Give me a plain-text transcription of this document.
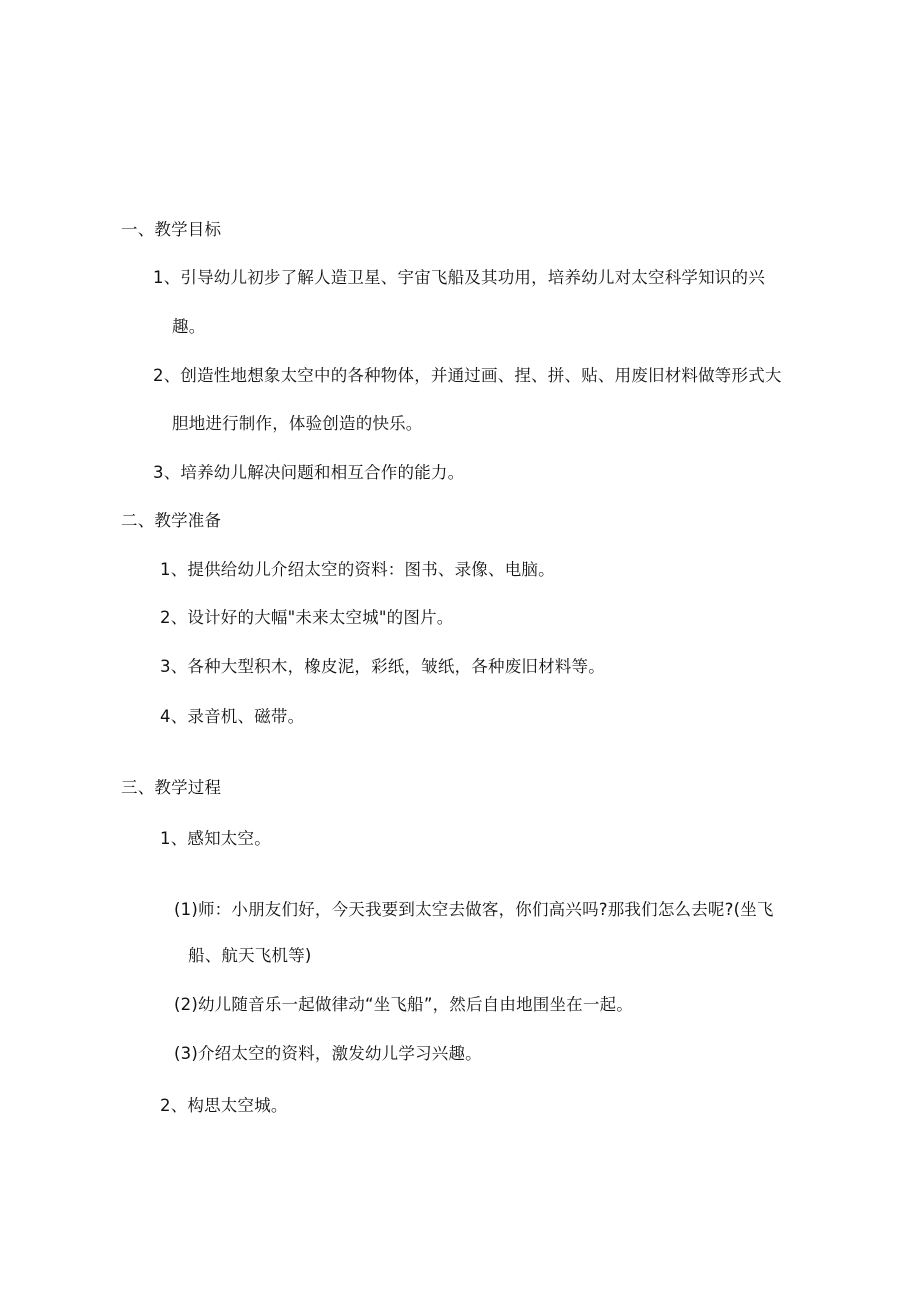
一、教学目标
1、引导幼儿初步了解人造卫星、宇宙飞船及其功用，培养幼儿对太空科学知识的兴
趣。
2、创造性地想象太空中的各种物体，并通过画、捏、拼、贴、用废旧材料做等形式大
胆地进行制作，体验创造的快乐。
3、培养幼儿解决问题和相互合作的能力。
二、教学准备
1、提供给幼儿介绍太空的资料：图书、录像、电脑。
2、设计好的大幅"未来太空城"的图片。
3、各种大型积木，橡皮泥，彩纸，皱纸，各种废旧材料等。
4、录音机、磁带。
三、教学过程
1、感知太空。
(1)师：小朋友们好，今天我要到太空去做客，你们高兴吗?那我们怎么去呢?(坐飞
船、航天飞机等)
(2)幼儿随音乐一起做律动“坐飞船”，然后自由地围坐在一起。
(3)介绍太空的资料，激发幼儿学习兴趣。
2、构思太空城。
